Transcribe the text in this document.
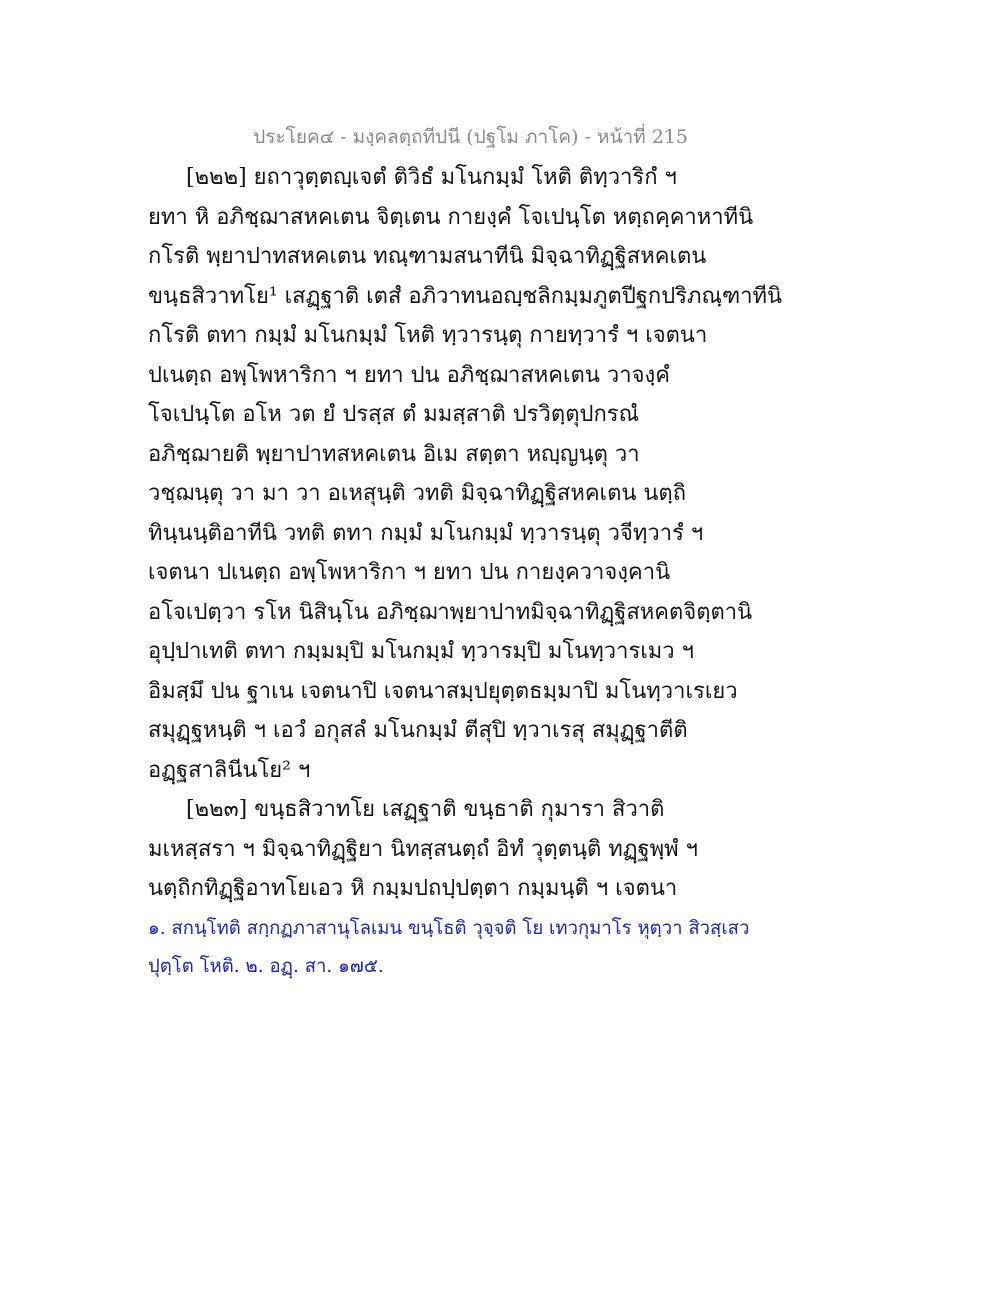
ประโยค๔ - มงฺคลตฺถทีปนี (ปฐโม ภาโค) - หน้าที่ 215
[๒๒๒] ยถาวุตฺตญฺเจตํ ติวิธํ มโนกมฺมํ โหติ ติทฺวาริกํ ฯ
ยทา หิ อภิชฺฌาสหคเตน จิตฺเตน กายงฺคํ โจเปนฺโต หตฺถคฺคาหาทีนิ
กโรติ พฺยาปาทสหคเตน ทณฺฑามสนาทีนิ มิจฺฉาทิฏฺฐิสหคเตน
ขนฺธสิวาทโย¹ เสฏฺฐาติ เตสํ อภิวาทนอญฺชลิกมฺมภูตปีฐกปริภณฺฑาทีนิ
กโรติ ตทา กมฺมํ มโนกมฺมํ โหติ ทฺวารนฺตุ กายทฺวารํ ฯ เจตนา
ปเนตฺถ อพฺโพหาริกา ฯ ยทา ปน อภิชฺฌาสหคเตน วาจงฺคํ
โจเปนฺโต อโห วต ยํ ปรสฺส ตํ มมสฺสาติ ปรวิตฺตุปกรณํ
อภิชฺฌายติ พฺยาปาทสหคเตน อิเม สตฺตา หญฺญนฺตุ วา
วชฺฌนฺตุ วา มา วา อเหสุนฺติ วทติ มิจฺฉาทิฏฺฐิสหคเตน นตฺถิ
ทินฺนนฺติอาทีนิ วทติ ตทา กมฺมํ มโนกมฺมํ ทฺวารนฺตุ วจีทฺวารํ ฯ
เจตนา ปเนตฺถ อพฺโพหาริกา ฯ ยทา ปน กายงฺควาจงฺคานิ
อโจเปตฺวา รโห นิสินฺโน อภิชฺฌาพฺยาปาทมิจฺฉาทิฏฺฐิสหคตจิตฺตานิ
อุปฺปาเทติ ตทา กมฺมมฺปิ มโนกมฺมํ ทฺวารมฺปิ มโนทฺวารเมว ฯ
อิมสฺมึ ปน ฐาเน เจตนาปิ เจตนาสมฺปยุตฺตธมฺมาปิ มโนทฺวาเรเยว
สมุฏฺฐหนฺติ ฯ เอวํ อกุสลํ มโนกมฺมํ ตีสุปิ ทฺวาเรสุ สมุฏฺฐาตีติ
อฏฺฐสาลินีนโย² ฯ
[๒๒๓] ขนฺธสิวาทโย เสฏฺฐาติ ขนฺธาติ กุมารา สิวาติ
มเหสฺสรา ฯ มิจฺฉาทิฏฺฐิยา นิทสฺสนตฺถํ อิทํ วุตฺตนฺติ ทฏฺฐพฺพํ ฯ
นตฺถิกทิฏฺฐิอาทโยเอว หิ กมฺมปถปฺปตฺตา กมฺมนฺติ ฯ เจตนา
๑. สกนฺโทติ สกฺกฏภาสานุโลเมน ขนฺโธติ วุจฺจติ โย เทวกุมาโร หุตฺวา สิวสฺเสว
ปุตฺโต โหติ. ๒. อฏฺ. สา. ๑๗๕.
